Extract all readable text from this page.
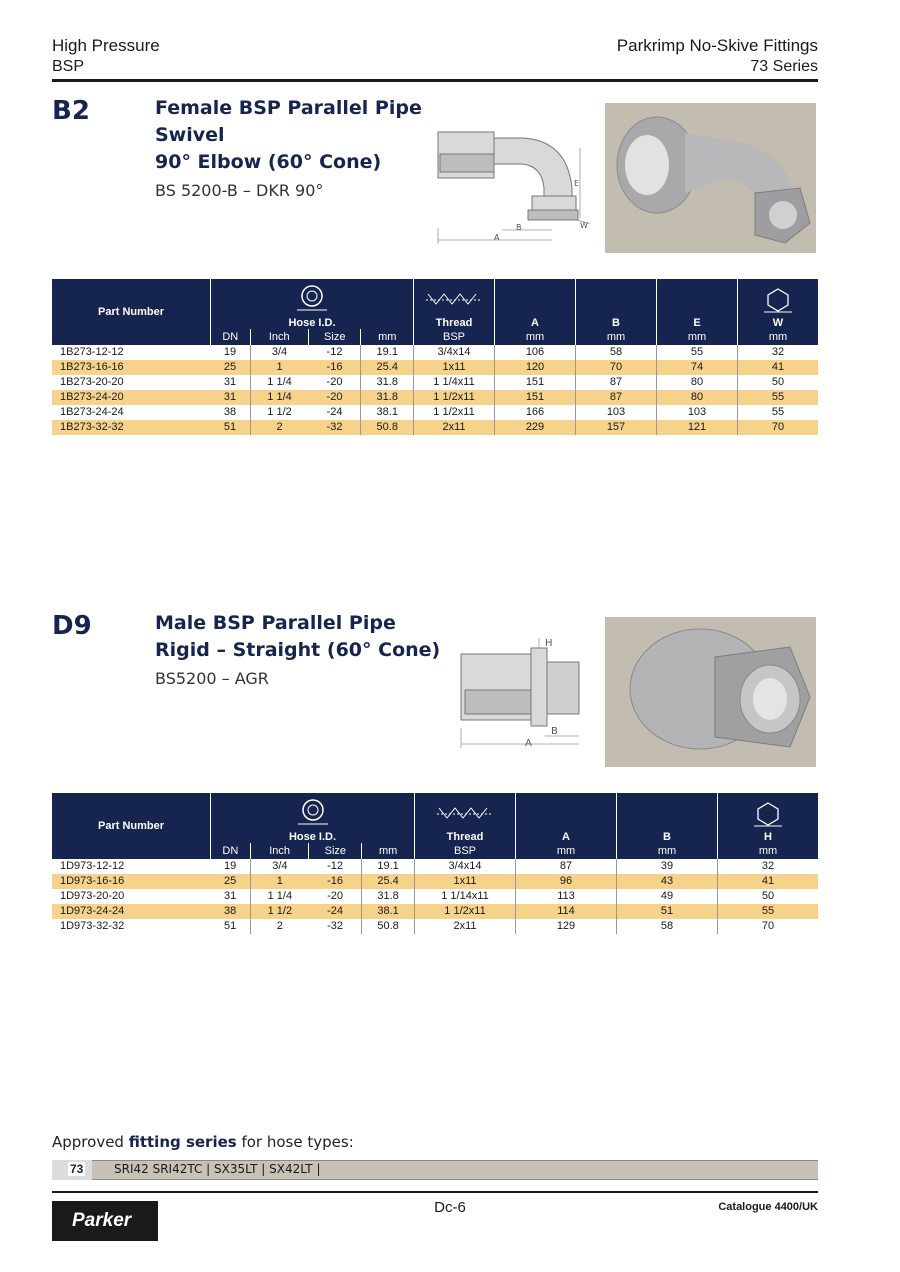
High Pressure
BSP
Parkrimp No-Skive Fittings
73 Series
B2	Female BSP Parallel Pipe
Swivel
90° Elbow (60° Cone)
BS 5200-B – DKR 90°
A
B
E
W
Part Number	Hose I.D.				Thread	A	B	E	W
	DN	Inch	Size	mm	BSP	mm	mm	mm	mm
1B273-12-12	19	3/4	-12	19.1	3/4x14	106	58	55	32
1B273-16-16	25	1	-16	25.4	1x11	120	70	74	41
1B273-20-20	31	1 1/4	-20	31.8	1 1/4x11	151	87	80	50
1B273-24-20	31	1 1/4	-20	31.8	1 1/2x11	151	87	80	55
1B273-24-24	38	1 1/2	-24	38.1	1 1/2x11	166	103	103	55
1B273-32-32	51	2	-32	50.8	2x11	229	157	121	70
D9	Male BSP Parallel Pipe
Rigid – Straight (60° Cone)
BS5200 – AGR
A
B
H
Part Number	Hose I.D.				Thread	A	B	H
	DN	Inch	Size	mm	BSP	mm	mm	mm
1D973-12-12	19	3/4	-12	19.1	3/4x14	87	39	32
1D973-16-16	25	1	-16	25.4	1x11	96	43	41
1D973-20-20	31	1 1/4	-20	31.8	1 1/14x11	113	49	50
1D973-24-24	38	1 1/2	-24	38.1	1 1/2x11	114	51	55
1D973-32-32	51	2	-32	50.8	2x11	129	58	70
Approved fitting series for hose types:
73	SRI42 SRI42TC | SX35LT | SX42LT |
Parker
Dc-6	Catalogue 4400/UK
